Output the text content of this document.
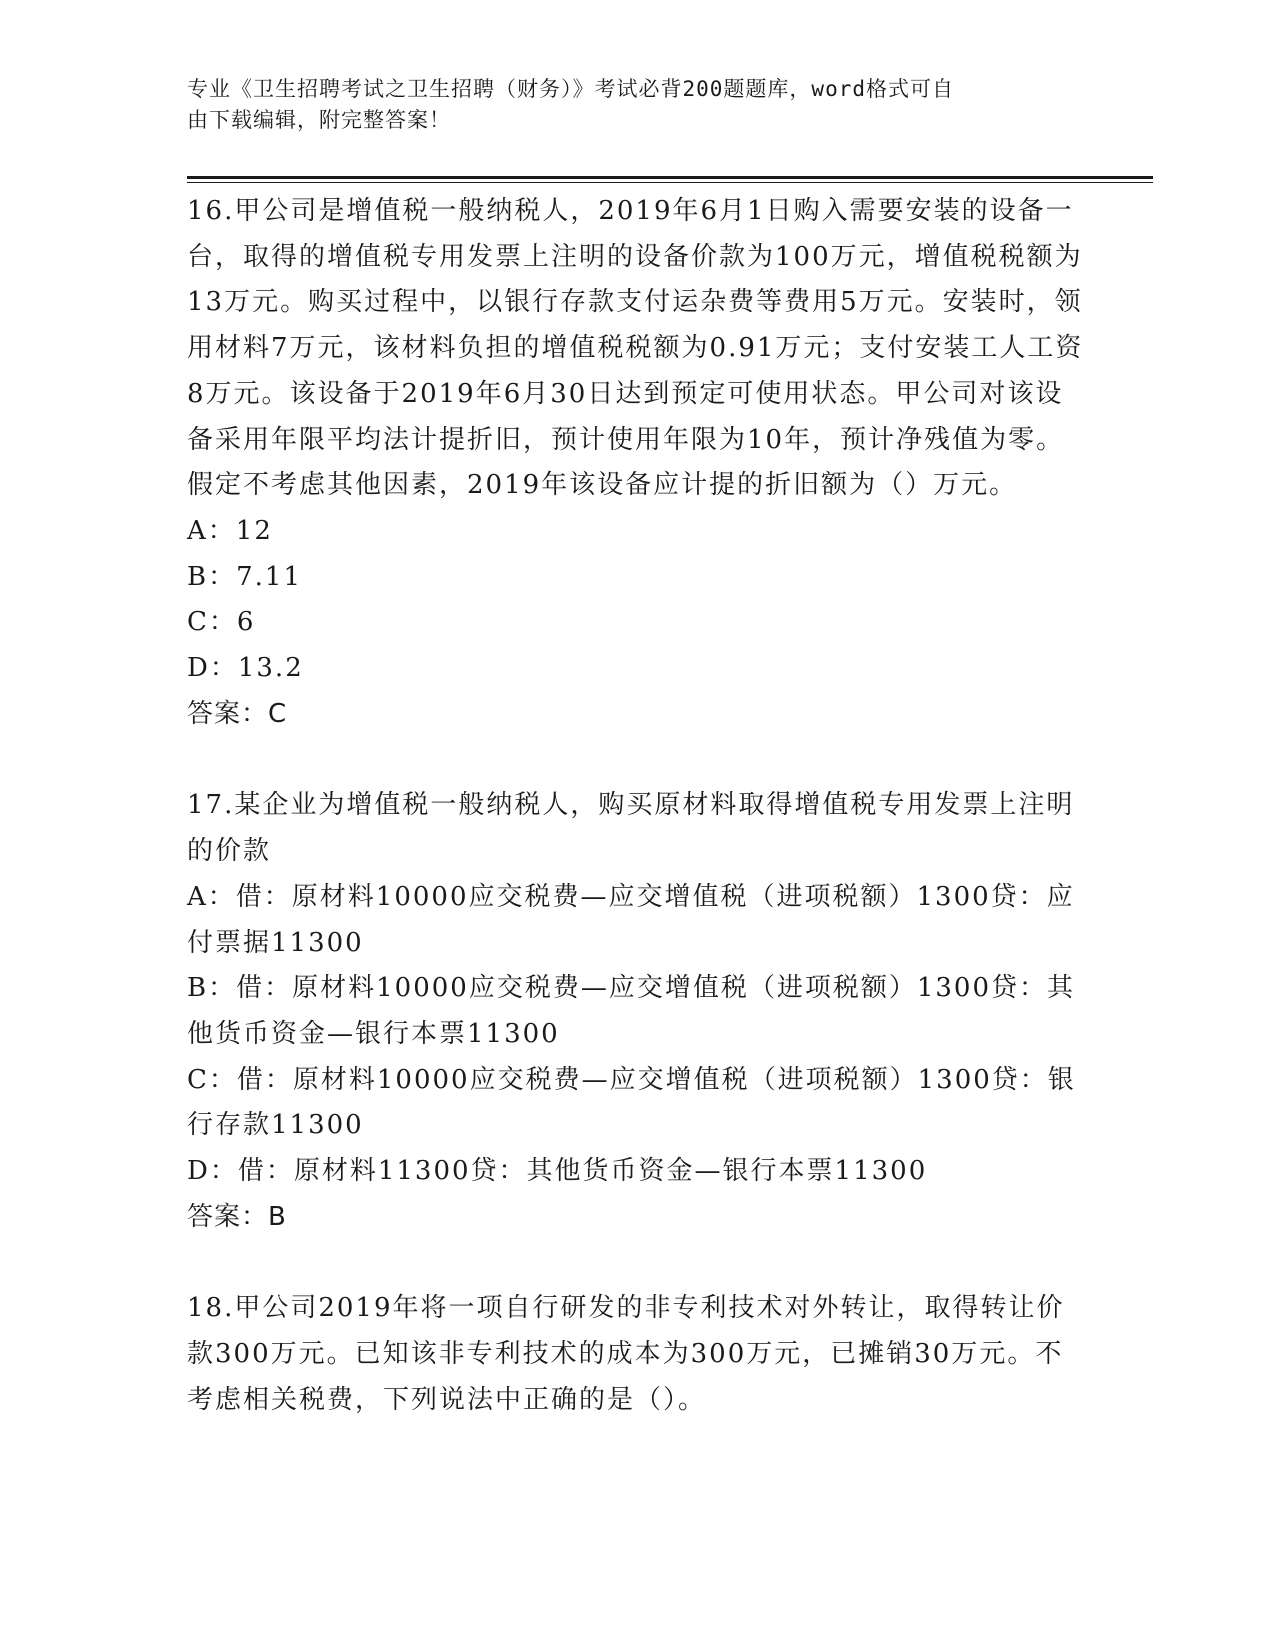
专业《卫生招聘考试之卫生招聘（财务）》考试必背200题题库，word格式可自
由下载编辑，附完整答案！

16.甲公司是增值税一般纳税人，2019年6月1日购入需要安装的设备一台，取得的增值税专用发票上注明的设备价款为100万元，增值税税额为13万元。购买过程中，以银行存款支付运杂费等费用5万元。安装时，领用材料7万元，该材料负担的增值税税额为0.91万元；支付安装工人工资8万元。该设备于2019年6月30日达到预定可使用状态。甲公司对该设备采用年限平均法计提折旧，预计使用年限为10年，预计净残值为零。假定不考虑其他因素，2019年该设备应计提的折旧额为（）万元。

A：12

B：7.11

C：6

D：13.2

答案：C

17.某企业为增值税一般纳税人，购买原材料取得增值税专用发票上注明的价款

A：借：原材料10000应交税费—应交增值税（进项税额）1300贷：应付票据11300

B：借：原材料10000应交税费—应交增值税（进项税额）1300贷：其他货币资金—银行本票11300

C：借：原材料10000应交税费—应交增值税（进项税额）1300贷：银行存款11300

D：借：原材料11300贷：其他货币资金—银行本票11300

答案：B

18.甲公司2019年将一项自行研发的非专利技术对外转让，取得转让价款300万元。已知该非专利技术的成本为300万元，已摊销30万元。不考虑相关税费，下列说法中正确的是（）。
